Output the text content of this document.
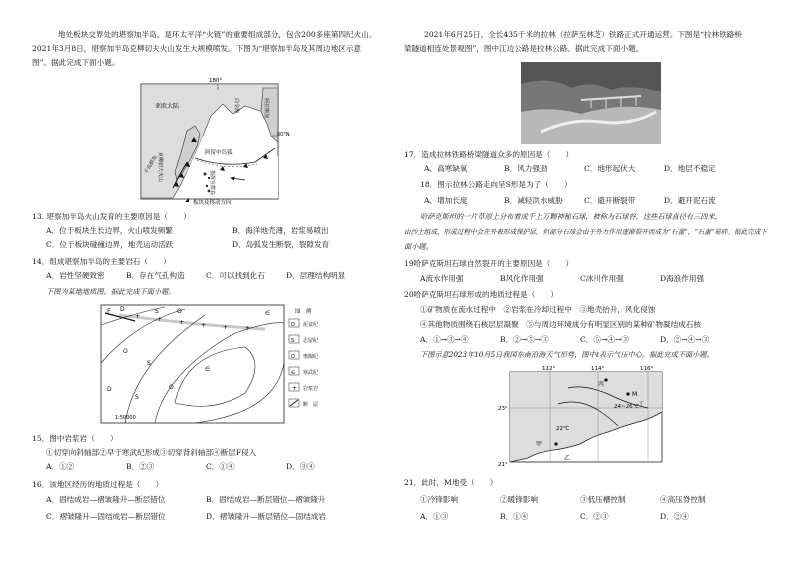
地处板块交界处的堪察加半岛，是环太平洋“火链”的重要组成部分，包含200多座第四纪火山。
2021年3月8日，堪察加半岛克柳切夫火山发生大规模喷发。下图为“堪察加半岛及其周边地区示意
图”。据此完成下面小题。
180°
亚欧大陆	白令海	阿拉斯加
60°N
阿留申岛弧
克柳切夫火山
千岛群岛
指挥官群岛
板块及移动方向
13. 堪察加半岛火山发育的主要原因是（　　）
A．位于板块生长边界，火山喷发频繁	B．海洋地壳薄，岩浆易喷出
C．位于板块碰撞边界，地壳运动活跃	D．岛弧发生断裂，裂隙发育
14．组成堪察加半岛的主要岩石（　　）
A．岩性坚硬致密	B．存在气孔构造	C．可以找到化石	D．层理结构明显
下图为某地地质图。据此完成下面小题。
+	+	+	+	+	+
F D	S	O	∈
O
S
D
S
O
∈
1:50000
图　例
D 泥盆纪
S 志留纪
O 奥陶纪
∈ 寒武纪
+ 岩浆岩
断　层
15．图中岩浆岩（　　）
①切穿向斜轴部②早于寒武纪形成③切穿背斜轴部④断层F侵入
A．①②	B．②③	C．①④	D．③④
16．该地区经历的地质过程是（　　）
A．固结成岩—褶皱隆升—断层错位	B．固结成岩—断层错位—褶皱隆升
C．褶皱隆升—固结成岩—断层错位	D．褶皱隆升—断层错位—固结成岩
2021年6月25日，全长435千米的拉林（拉萨至林芝）铁路正式开通运营。下图是“拉林铁路桥
梁隧道相连处景观图”，图中江边公路是拉林公路。据此完成下面小题。
17．造成拉林铁路桥梁隧道众多的原因是（　　）
A．高寒缺氧	B．风力强劲	C．地形起伏大	D．地层不稳定
18．图示拉林公路走向呈S形是为了（　　）
A．增加长度	B．减轻洪水威胁	C．避开断裂带	D．避开泥石流
哈萨克斯坦的一片草原上分布着成千上万颗神秘石球，被称为石球谷，这些石球直径有三四米，
由沙土组成，形成过程中会在外表形成保护层，但部分石球会由于外力作用逐渐裂开而成为“石蛋”，“石蛋”易碎。据此完成下
面小题。
19哈萨克斯坦石球自然裂开的主要原因是（　　）
A流水作用强	B风化作用强	C冰川作用强	D海浪作用强
20哈萨克斯坦石球形成的地质过程是（　　）
①矿物质在流水过程中　②岩浆在冷却过程中　③地壳抬升，风化侵蚀
④其他物质围绕石核层层凝聚　⑤与周边环境成分有明显区别的某种矿物凝结成石核
A．①→③→④	B．②→⑤→③	C．⑤→④→③	D．②→④→③
下图示意2023年10月5日我国东南沿海天气形势，图中ℓ表示气压中心。据此完成下面小题。
112°	114°	116°
23°
21°
24~26℃
22℃
丙
M
丁
甲
乙
21．此时，M地受（　　）
①冷锋影响	②暖锋影响	③低压槽控制	④高压脊控制
A．①③	B．①④	C．②③	D．②④
